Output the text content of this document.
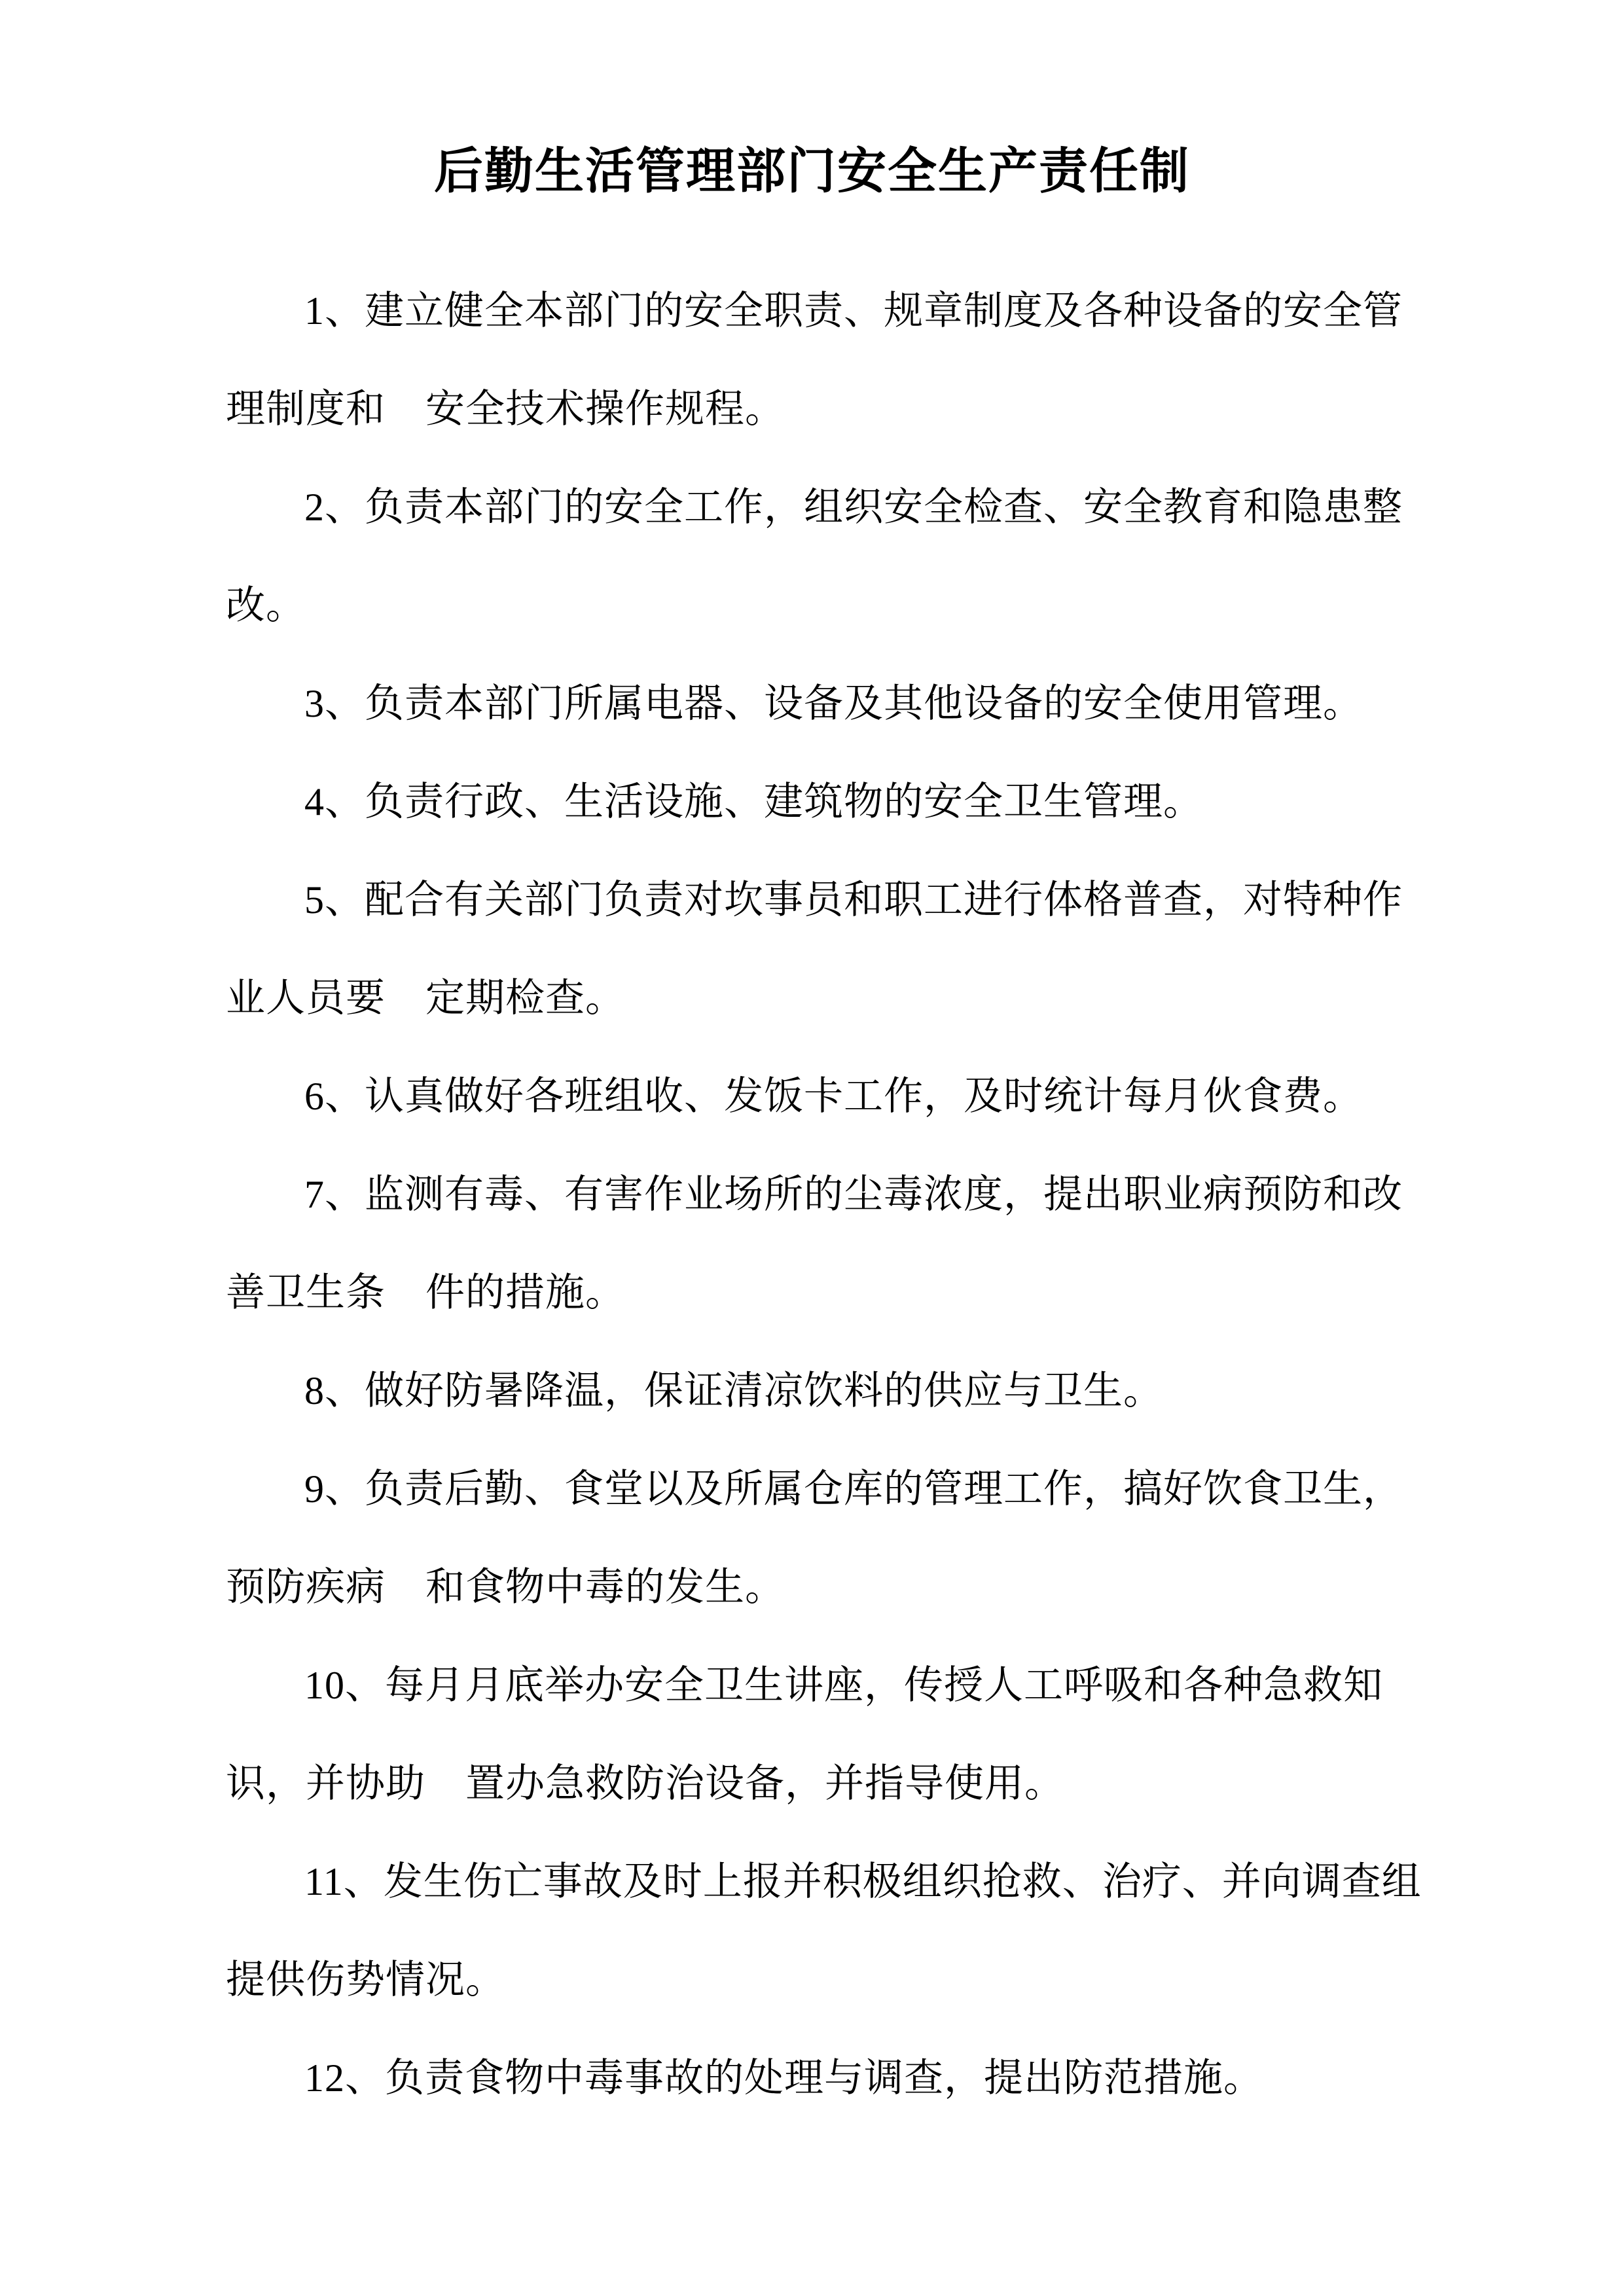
后勤生活管理部门安全生产责任制

1、建立健全本部门的安全职责、规章制度及各种设备的安全管
理制度和　安全技术操作规程。

2、负责本部门的安全工作，组织安全检查、安全教育和隐患整
改。

3、负责本部门所属电器、设备及其他设备的安全使用管理。

4、负责行政、生活设施、建筑物的安全卫生管理。

5、配合有关部门负责对坎事员和职工进行体格普查，对特种作
业人员要　定期检查。

6、认真做好各班组收、发饭卡工作，及时统计每月伙食费。

7、监测有毒、有害作业场所的尘毒浓度，提出职业病预防和改
善卫生条　件的措施。

8、做好防暑降温，保证清凉饮料的供应与卫生。

9、负责后勤、食堂以及所属仓库的管理工作，搞好饮食卫生，
预防疾病　和食物中毒的发生。

10、每月月底举办安全卫生讲座，传授人工呼吸和各种急救知
识，并协助　置办急救防治设备，并指导使用。

11、发生伤亡事故及时上报并积极组织抢救、治疗、并向调查组
提供伤势情况。

12、负责食物中毒事故的处理与调查，提出防范措施。
